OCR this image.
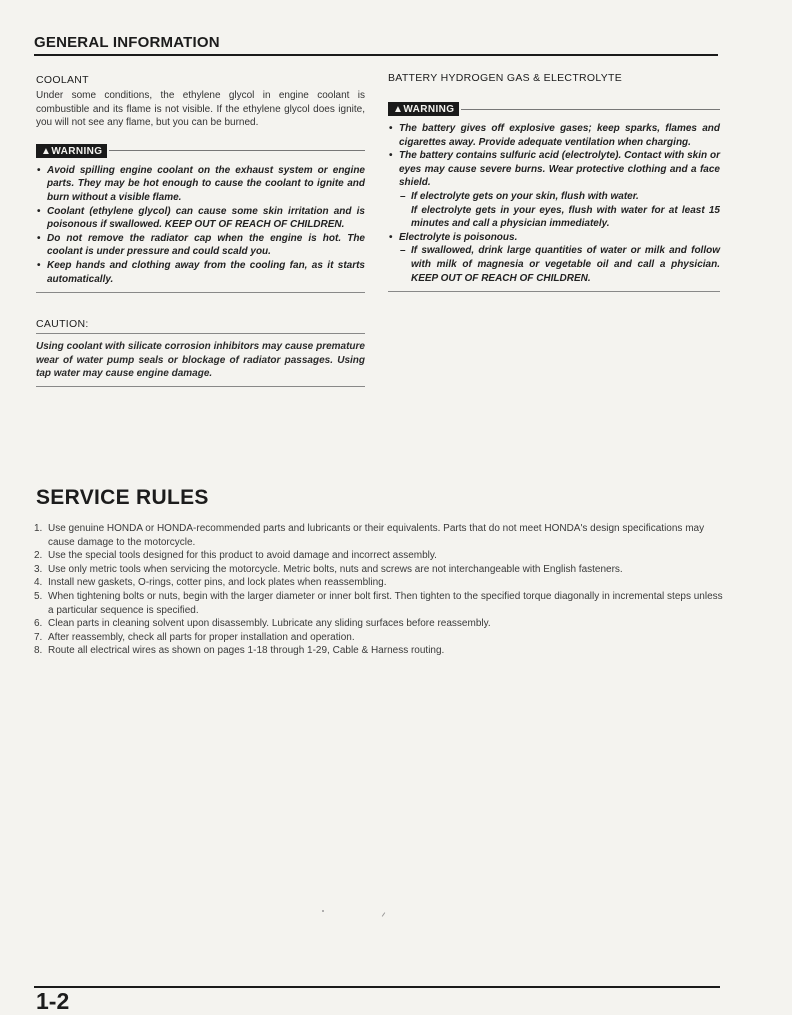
GENERAL INFORMATION

COOLANT

Under some conditions, the ethylene glycol in engine coolant is combustible and its flame is not visible. If the ethylene glycol does ignite, you will not see any flame, but you can be burned.

▲WARNING
• Avoid spilling engine coolant on the exhaust system or engine parts. They may be hot enough to cause the coolant to ignite and burn without a visible flame.
• Coolant (ethylene glycol) can cause some skin irritation and is poisonous if swallowed. KEEP OUT OF REACH OF CHILDREN.
• Do not remove the radiator cap when the engine is hot. The coolant is under pressure and could scald you.
• Keep hands and clothing away from the cooling fan, as it starts automatically.

CAUTION:

Using coolant with silicate corrosion inhibitors may cause premature wear of water pump seals or blockage of radiator passages. Using tap water may cause engine damage.

BATTERY HYDROGEN GAS & ELECTROLYTE

▲WARNING
• The battery gives off explosive gases; keep sparks, flames and cigarettes away. Provide adequate ventilation when charging.
• The battery contains sulfuric acid (electrolyte). Contact with skin or eyes may cause severe burns. Wear protective clothing and a face shield.
– If electrolyte gets on your skin, flush with water.
If electrolyte gets in your eyes, flush with water for at least 15 minutes and call a physician immediately.
• Electrolyte is poisonous.
– If swallowed, drink large quantities of water or milk and follow with milk of magnesia or vegetable oil and call a physician. KEEP OUT OF REACH OF CHILDREN.
SERVICE RULES
1. Use genuine HONDA or HONDA-recommended parts and lubricants or their equivalents. Parts that do not meet HONDA's design specifications may cause damage to the motorcycle.
2. Use the special tools designed for this product to avoid damage and incorrect assembly.
3. Use only metric tools when servicing the motorcycle. Metric bolts, nuts and screws are not interchangeable with English fasteners.
4. Install new gaskets, O-rings, cotter pins, and lock plates when reassembling.
5. When tightening bolts or nuts, begin with the larger diameter or inner bolt first. Then tighten to the specified torque diagonally in incremental steps unless a particular sequence is specified.
6. Clean parts in cleaning solvent upon disassembly. Lubricate any sliding surfaces before reassembly.
7. After reassembly, check all parts for proper installation and operation.
8. Route all electrical wires as shown on pages 1-18 through 1-29, Cable & Harness routing.
1-2
